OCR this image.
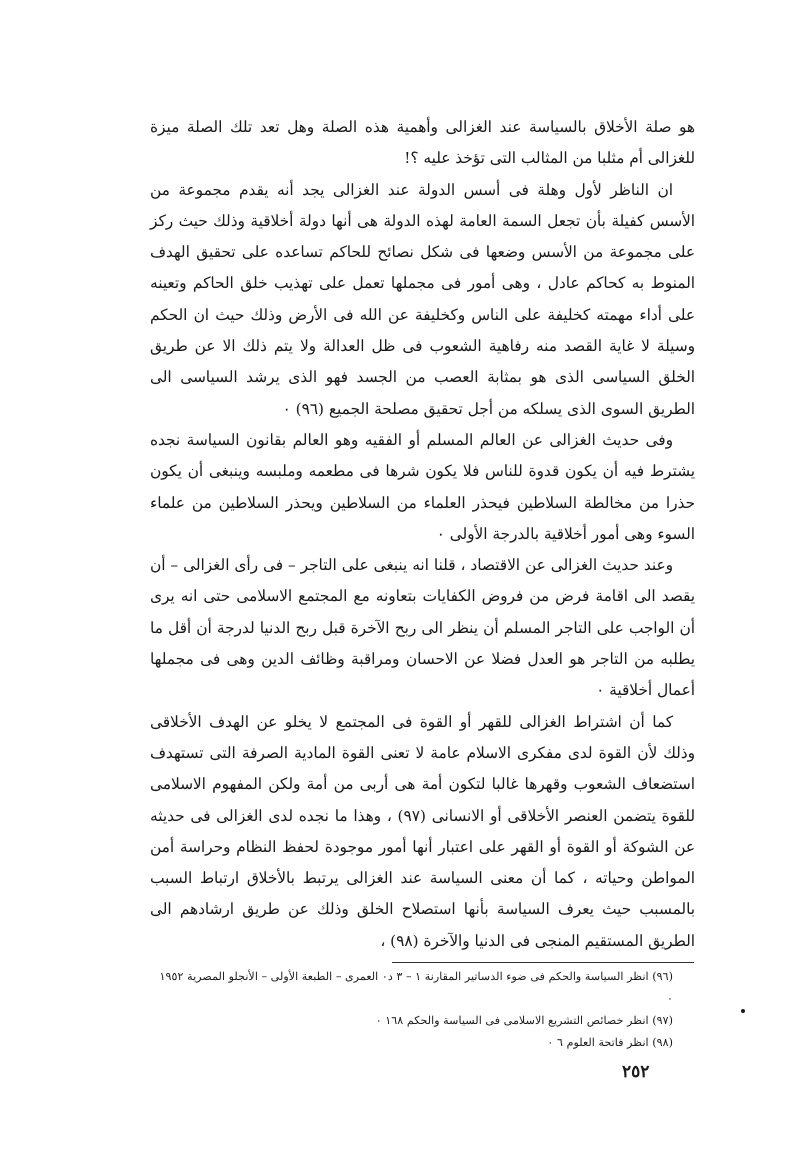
هو صلة الأخلاق بالسياسة عند الغزالى وأهمية هذه الصلة وهل تعد تلك الصلة ميزة للغزالى أم مثلبا من المثالب التى تؤخذ عليه ؟!

ان الناظر لأول وهلة فى أسس الدولة عند الغزالى يجد أنه يقدم مجموعة من الأسس كفيلة بأن تجعل السمة العامة لهذه الدولة هى أنها دولة أخلاقية وذلك حيث ركز على مجموعة من الأسس وضعها فى شكل نصائح للحاكم تساعده على تحقيق الهدف المنوط به كحاكم عادل ، وهى أمور فى مجملها تعمل على تهذيب خلق الحاكم وتعينه على أداء مهمته كخليفة على الناس وكخليفة عن الله فى الأرض وذلك حيث ان الحكم وسيلة لا غاية القصد منه رفاهية الشعوب فى ظل العدالة ولا يتم ذلك الا عن طريق الخلق السياسى الذى هو بمثابة العصب من الجسد فهو الذى يرشد السياسى الى الطريق السوى الذى يسلكه من أجل تحقيق مصلحة الجميع (٩٦) ٠

وفى حديث الغزالى عن العالم المسلم أو الفقيه وهو العالم بقانون السياسة نجده يشترط فيه أن يكون قدوة للناس فلا يكون شرها فى مطعمه وملبسه وينبغى أن يكون حذرا من مخالطة السلاطين فيحذر العلماء من السلاطين ويحذر السلاطين من علماء السوء وهى أمور أخلاقية بالدرجة الأولى ٠

وعند حديث الغزالى عن الاقتصاد ، قلنا انه ينبغى على التاجر – فى رأى الغزالى – أن يقصد الى اقامة فرض من فروض الكفايات بتعاونه مع المجتمع الاسلامى حتى انه يرى أن الواجب على التاجر المسلم أن ينظر الى ربح الآخرة قبل ربح الدنيا لدرجة أن أقل ما يطلبه من التاجر هو العدل فضلا عن الاحسان ومراقبة وظائف الدين وهى فى مجملها أعمال أخلاقية ٠

كما أن اشتراط الغزالى للقهر أو القوة فى المجتمع لا يخلو عن الهدف الأخلاقى وذلك لأن القوة لدى مفكرى الاسلام عامة لا تعنى القوة المادية الصرفة التى تستهدف استضعاف الشعوب وقهرها غالبا لتكون أمة هى أربى من أمة ولكن المفهوم الاسلامى للقوة يتضمن العنصر الأخلاقى أو الانسانى (٩٧) ، وهذا ما نجده لدى الغزالى فى حديثه عن الشوكة أو القوة أو القهر على اعتبار أنها أمور موجودة لحفظ النظام وحراسة أمن المواطن وحياته ، كما أن معنى السياسة عند الغزالى يرتبط بالأخلاق ارتباط السبب بالمسبب حيث يعرف السياسة بأنها استصلاح الخلق وذلك عن طريق ارشادهم الى الطريق المستقيم المنجى فى الدنيا والآخرة (٩٨) ،

(٩٦) انظر السياسة والحكم فى ضوء الدساتير المقارنة ١ – ٣ د٠ العمرى – الطبعة الأولى – الأنجلو المصرية ١٩٥٢ ٠

(٩٧) انظر خصائص التشريع الاسلامى فى السياسة والحكم ١٦٨ ٠

(٩٨) انظر فاتحة العلوم ٦ ٠

٢٥٢
